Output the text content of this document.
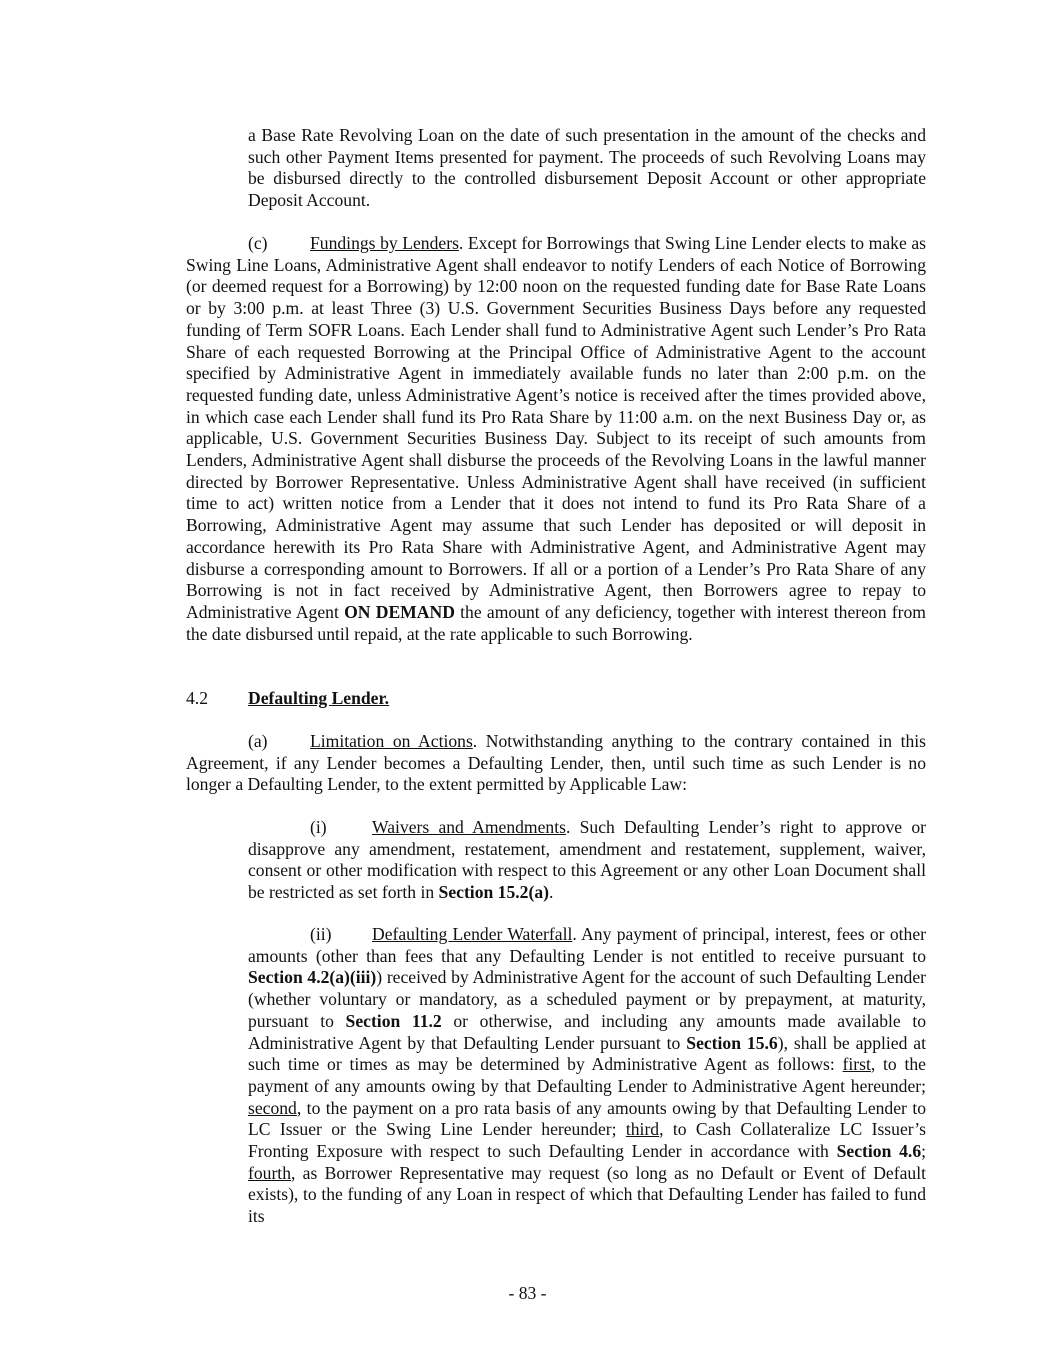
a Base Rate Revolving Loan on the date of such presentation in the amount of the checks and such other Payment Items presented for payment. The proceeds of such Revolving Loans may be disbursed directly to the controlled disbursement Deposit Account or other appropriate Deposit Account.

(c) Fundings by Lenders. Except for Borrowings that Swing Line Lender elects to make as Swing Line Loans, Administrative Agent shall endeavor to notify Lenders of each Notice of Borrowing (or deemed request for a Borrowing) by 12:00 noon on the requested funding date for Base Rate Loans or by 3:00 p.m. at least Three (3) U.S. Government Securities Business Days before any requested funding of Term SOFR Loans. Each Lender shall fund to Administrative Agent such Lender’s Pro Rata Share of each requested Borrowing at the Principal Office of Administrative Agent to the account specified by Administrative Agent in immediately available funds no later than 2:00 p.m. on the requested funding date, unless Administrative Agent’s notice is received after the times provided above, in which case each Lender shall fund its Pro Rata Share by 11:00 a.m. on the next Business Day or, as applicable, U.S. Government Securities Business Day. Subject to its receipt of such amounts from Lenders, Administrative Agent shall disburse the proceeds of the Revolving Loans in the lawful manner directed by Borrower Representative. Unless Administrative Agent shall have received (in sufficient time to act) written notice from a Lender that it does not intend to fund its Pro Rata Share of a Borrowing, Administrative Agent may assume that such Lender has deposited or will deposit in accordance herewith its Pro Rata Share with Administrative Agent, and Administrative Agent may disburse a corresponding amount to Borrowers. If all or a portion of a Lender’s Pro Rata Share of any Borrowing is not in fact received by Administrative Agent, then Borrowers agree to repay to Administrative Agent ON DEMAND the amount of any deficiency, together with interest thereon from the date disbursed until repaid, at the rate applicable to such Borrowing.

4.2 Defaulting Lender.

(a) Limitation on Actions. Notwithstanding anything to the contrary contained in this Agreement, if any Lender becomes a Defaulting Lender, then, until such time as such Lender is no longer a Defaulting Lender, to the extent permitted by Applicable Law:

(i)	Waivers and Amendments. Such Defaulting Lender’s right to approve or disapprove any amendment, restatement, amendment and restatement, supplement, waiver, consent or other modification with respect to this Agreement or any other Loan Document shall be restricted as set forth in Section 15.2(a).

(ii) Defaulting Lender Waterfall. Any payment of principal, interest, fees or other amounts (other than fees that any Defaulting Lender is not entitled to receive pursuant to Section 4.2(a)(iii)) received by Administrative Agent for the account of such Defaulting Lender (whether voluntary or mandatory, as a scheduled payment or by prepayment, at maturity, pursuant to Section 11.2 or otherwise, and including any amounts made available to Administrative Agent by that Defaulting Lender pursuant to Section 15.6), shall be applied at such time or times as may be determined by Administrative Agent as follows: first, to the payment of any amounts owing by that Defaulting Lender to Administrative Agent hereunder; second, to the payment on a pro rata basis of any amounts owing by that Defaulting Lender to LC Issuer or the Swing Line Lender hereunder; third, to Cash Collateralize LC Issuer’s Fronting Exposure with respect to such Defaulting Lender in accordance with Section 4.6; fourth, as Borrower Representative may request (so long as no Default or Event of Default exists), to the funding of any Loan in respect of which that Defaulting Lender has failed to fund its

- 83 -
